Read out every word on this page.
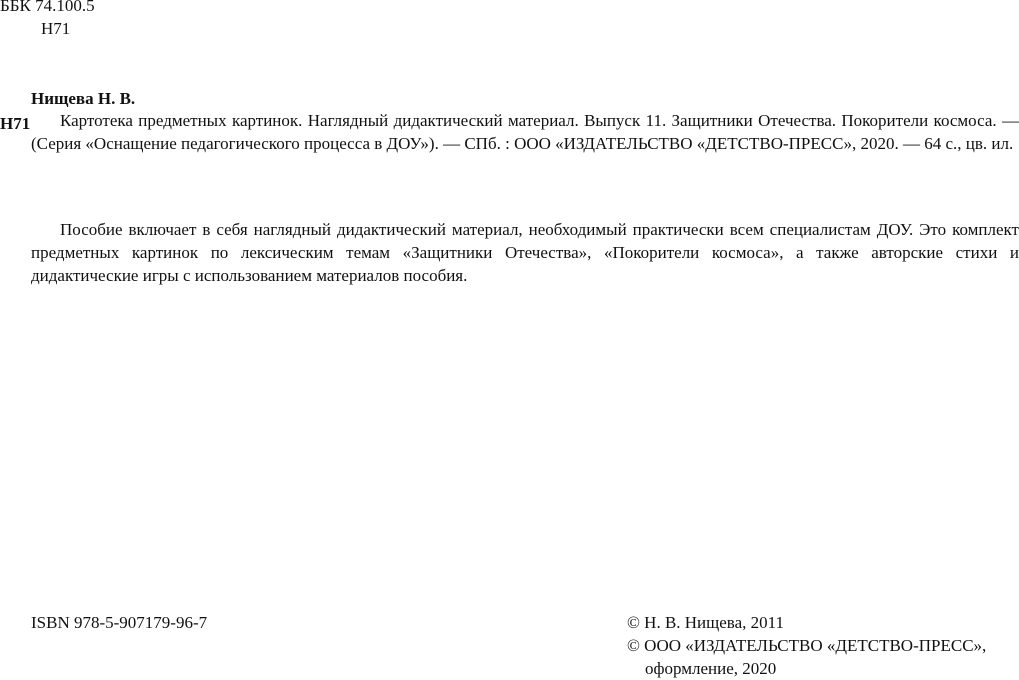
ББК 74.100.5
Н71
Нищева Н. В.
Н71	Картотека предметных картинок. Наглядный дидактический материал. Выпуск 11. Защитники Отечества. Покорители космоса. — (Серия «Оснащение педагогического процесса в ДОУ»). — СПб. : ООО «ИЗДАТЕЛЬСТВО «ДЕТСТВО-ПРЕСС», 2020. — 64 с., цв. ил.
Пособие включает в себя наглядный дидактический материал, необходимый практически всем специалистам ДОУ. Это комплект предметных картинок по лексическим темам «Защитники Отечества», «Покорители космоса», а также авторские стихи и дидактические игры с использованием материалов пособия.
ISBN 978-5-907179-96-7	© Н. В. Нищева, 2011
© ООО «ИЗДАТЕЛЬСТВО «ДЕТСТВО-ПРЕСС»,
оформление, 2020
